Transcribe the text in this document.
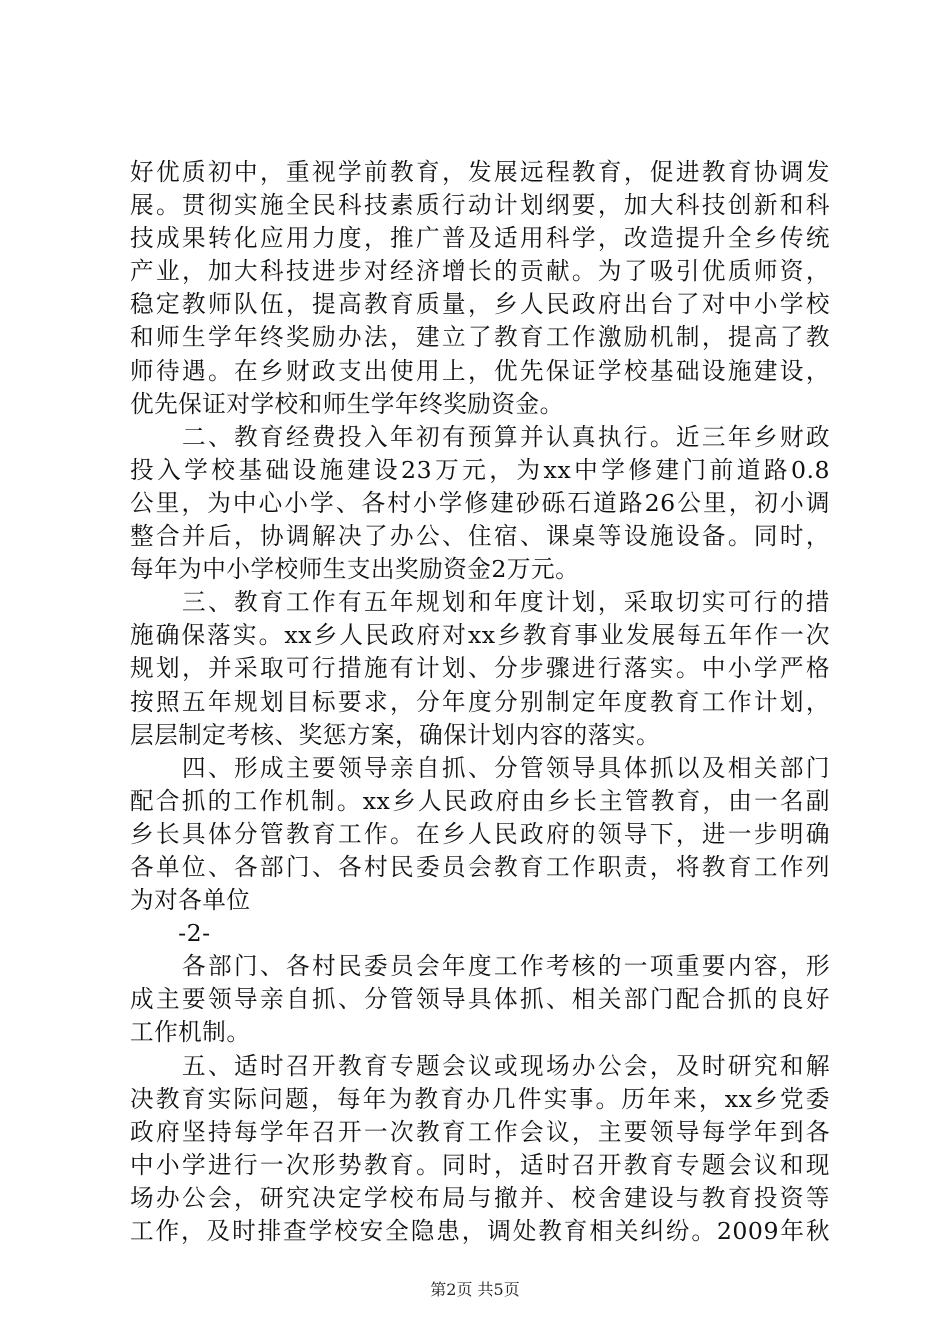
好优质初中，重视学前教育，发展远程教育，促进教育协调发
展。贯彻实施全民科技素质行动计划纲要，加大科技创新和科
技成果转化应用力度，推广普及适用科学，改造提升全乡传统
产业，加大科技进步对经济增长的贡献。为了吸引优质师资，
稳定教师队伍，提高教育质量，乡人民政府出台了对中小学校
和师生学年终奖励办法，建立了教育工作激励机制，提高了教
师待遇。在乡财政支出使用上，优先保证学校基础设施建设，
优先保证对学校和师生学年终奖励资金。
　　二、教育经费投入年初有预算并认真执行。近三年乡财政
投入学校基础设施建设23万元，为xx中学修建门前道路0.8
公里，为中心小学、各村小学修建砂砾石道路26公里，初小调
整合并后，协调解决了办公、住宿、课桌等设施设备。同时，
每年为中小学校师生支出奖励资金2万元。
　　三、教育工作有五年规划和年度计划，采取切实可行的措
施确保落实。xx乡人民政府对xx乡教育事业发展每五年作一次
规划，并采取可行措施有计划、分步骤进行落实。中小学严格
按照五年规划目标要求，分年度分别制定年度教育工作计划，
层层制定考核、奖惩方案，确保计划内容的落实。
　　四、形成主要领导亲自抓、分管领导具体抓以及相关部门
配合抓的工作机制。xx乡人民政府由乡长主管教育，由一名副
乡长具体分管教育工作。在乡人民政府的领导下，进一步明确
各单位、各部门、各村民委员会教育工作职责，将教育工作列
为对各单位
　　-2-
　　各部门、各村民委员会年度工作考核的一项重要内容，形
成主要领导亲自抓、分管领导具体抓、相关部门配合抓的良好
工作机制。
　　五、适时召开教育专题会议或现场办公会，及时研究和解
决教育实际问题，每年为教育办几件实事。历年来，xx乡党委
政府坚持每学年召开一次教育工作会议，主要领导每学年到各
中小学进行一次形势教育。同时，适时召开教育专题会议和现
场办公会，研究决定学校布局与撤并、校舍建设与教育投资等
工作，及时排查学校安全隐患，调处教育相关纠纷。2009年秋
第2页 共5页
